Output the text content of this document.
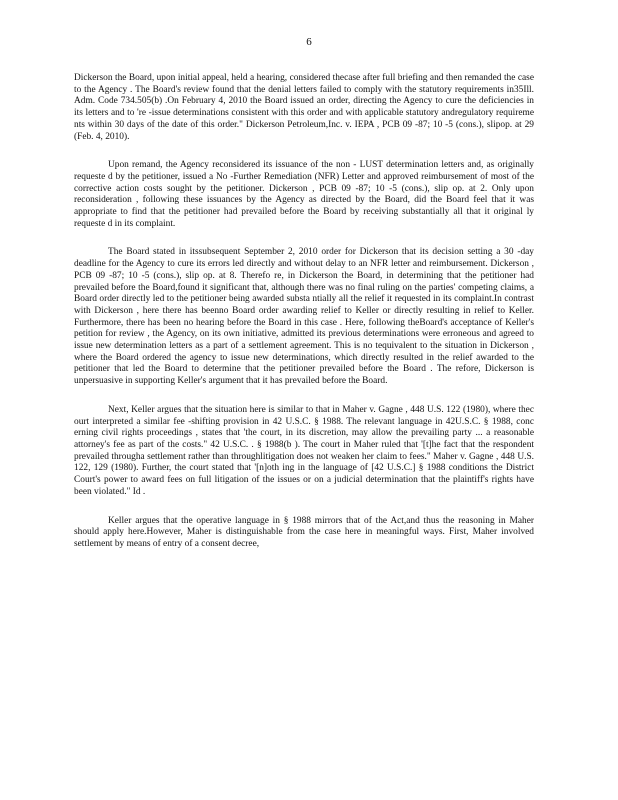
6

Dickerson the Board, upon initial appeal, held a hearing, considered thecase after full briefing and then remanded the case to the Agency . The Board's review found that the denial letters failed to comply with the statutory requirements in35Ill. Adm. Code 734.505(b) .On February 4, 2010 the Board issued an order, directing the Agency to cure the deficiencies in its letters and to 're -issue determinations consistent with this order and with applicable statutory andregulatory requireme nts within 30 days of the date of this order." Dickerson Petroleum,Inc. v. IEPA , PCB 09 -87; 10 -5 (cons.), slipop. at 29 (Feb. 4, 2010).

Upon remand, the Agency reconsidered its issuance of the non - LUST determination letters and, as originally requeste d by the petitioner, issued a No -Further Remediation (NFR) Letter and approved reimbursement of most of the corrective action costs sought by the petitioner. Dickerson , PCB 09 -87; 10 -5 (cons.), slip op. at 2. Only upon reconsideration , following these issuances by the Agency as directed by the Board, did the Board feel that it was appropriate to find that the petitioner had prevailed before the Board by receiving substantially all that it original ly requeste d in its complaint.

The Board stated in itssubsequent September 2, 2010 order for Dickerson that its decision setting a 30 -day deadline for the Agency to cure its errors led directly and without delay to an NFR letter and reimbursement. Dickerson , PCB 09 -87; 10 -5 (cons.), slip op. at 8. Therefo re, in Dickerson the Board, in determining that the petitioner had prevailed before the Board,found it significant that, although there was no final ruling on the parties' competing claims, a Board order directly led to the petitioner being awarded substa ntially all the relief it requested in its complaint.In contrast with Dickerson , here there has beenno Board order awarding relief to Keller or directly resulting in relief to Keller. Furthermore, there has been no hearing before the Board in this case . Here, following theBoard's acceptance of Keller's petition for review , the Agency, on its own initiative, admitted its previous determinations were erroneous and agreed to issue new determination letters as a part of a settlement agreement. This is no tequivalent to the situation in Dickerson , where the Board ordered the agency to issue new determinations, which directly resulted in the relief awarded to the petitioner that led the Board to determine that the petitioner prevailed before the Board . The refore, Dickerson is unpersuasive in supporting Keller's argument that it has prevailed before the Board.

Next, Keller argues that the situation here is similar to that in Maher v. Gagne , 448 U.S. 122 (1980), where thec ourt interpreted a similar fee -shifting provision in 42 U.S.C. § 1988. The relevant language in 42U.S.C. § 1988, conc erning civil rights proceedings , states that 'the court, in its discretion, may allow the prevailing party ... a reasonable attorney's fee as part of the costs." 42 U.S.C. . § 1988(b ). The court in Maher ruled that '[t]he fact that the respondent prevailed througha settlement rather than throughlitigation does not weaken her claim to fees." Maher v. Gagne , 448 U.S. 122, 129 (1980). Further, the court stated that '[n]oth ing in the language of [42 U.S.C.] § 1988 conditions the District Court's power to award fees on full litigation of the issues or on a judicial determination that the plaintiff's rights have been violated." Id .

Keller argues that the operative language in § 1988 mirrors that of the Act,and thus the reasoning in Maher should apply here.However, Maher is distinguishable from the case here in meaningful ways. First, Maher involved settlement by means of entry of a consent decree,
